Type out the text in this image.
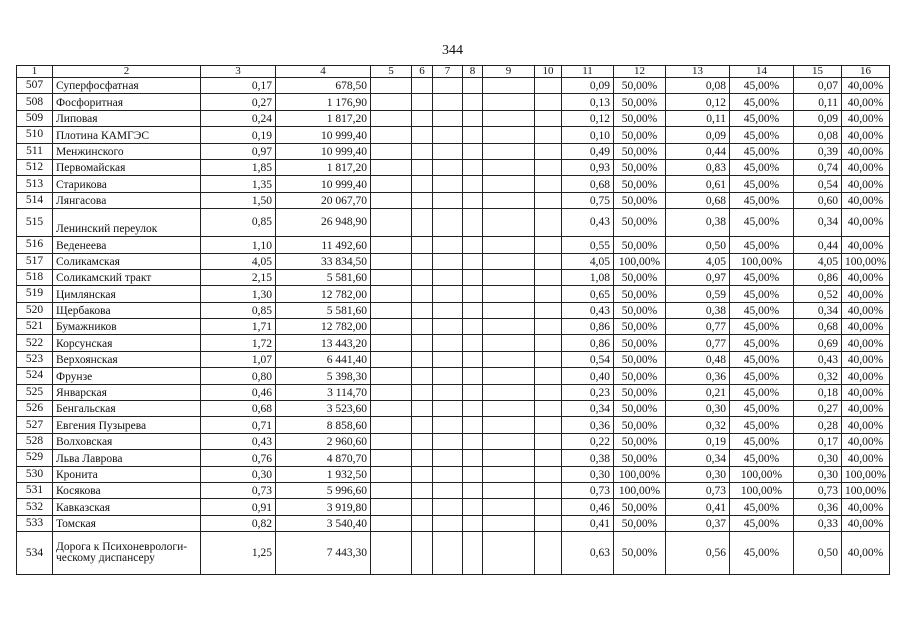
344
1	2	3	4	5	6	7	8	9	10	11	12	13	14	15	16
507	Суперфосфатная	0,17	678,50							0,09	50,00%	0,08	45,00%	0,07	40,00%
508	Фосфоритная	0,27	1 176,90							0,13	50,00%	0,12	45,00%	0,11	40,00%
509	Липовая	0,24	1 817,20							0,12	50,00%	0,11	45,00%	0,09	40,00%
510	Плотина КАМГЭС	0,19	10 999,40							0,10	50,00%	0,09	45,00%	0,08	40,00%
511	Менжинского	0,97	10 999,40							0,49	50,00%	0,44	45,00%	0,39	40,00%
512	Первомайская	1,85	1 817,20							0,93	50,00%	0,83	45,00%	0,74	40,00%
513	Старикова	1,35	10 999,40							0,68	50,00%	0,61	45,00%	0,54	40,00%
514	Лянгасова	1,50	20 067,70							0,75	50,00%	0,68	45,00%	0,60	40,00%
515	Ленинский переулок	0,85	26 948,90							0,43	50,00%	0,38	45,00%	0,34	40,00%
516	Веденеева	1,10	11 492,60							0,55	50,00%	0,50	45,00%	0,44	40,00%
517	Соликамская	4,05	33 834,50							4,05	100,00%	4,05	100,00%	4,05	100,00%
518	Соликамский тракт	2,15	5 581,60							1,08	50,00%	0,97	45,00%	0,86	40,00%
519	Цимлянская	1,30	12 782,00							0,65	50,00%	0,59	45,00%	0,52	40,00%
520	Щербакова	0,85	5 581,60							0,43	50,00%	0,38	45,00%	0,34	40,00%
521	Бумажников	1,71	12 782,00							0,86	50,00%	0,77	45,00%	0,68	40,00%
522	Корсунская	1,72	13 443,20							0,86	50,00%	0,77	45,00%	0,69	40,00%
523	Верхоянская	1,07	6 441,40							0,54	50,00%	0,48	45,00%	0,43	40,00%
524	Фрунзе	0,80	5 398,30							0,40	50,00%	0,36	45,00%	0,32	40,00%
525	Январская	0,46	3 114,70							0,23	50,00%	0,21	45,00%	0,18	40,00%
526	Бенгальская	0,68	3 523,60							0,34	50,00%	0,30	45,00%	0,27	40,00%
527	Евгения Пузырева	0,71	8 858,60							0,36	50,00%	0,32	45,00%	0,28	40,00%
528	Волховская	0,43	2 960,60							0,22	50,00%	0,19	45,00%	0,17	40,00%
529	Льва Лаврова	0,76	4 870,70							0,38	50,00%	0,34	45,00%	0,30	40,00%
530	Кронита	0,30	1 932,50							0,30	100,00%	0,30	100,00%	0,30	100,00%
531	Косякова	0,73	5 996,60							0,73	100,00%	0,73	100,00%	0,73	100,00%
532	Кавказская	0,91	3 919,80							0,46	50,00%	0,41	45,00%	0,36	40,00%
533	Томская	0,82	3 540,40							0,41	50,00%	0,37	45,00%	0,33	40,00%
534	Дорога к Психоневрологи-ческому диспансеру	1,25	7 443,30							0,63	50,00%	0,56	45,00%	0,50	40,00%
